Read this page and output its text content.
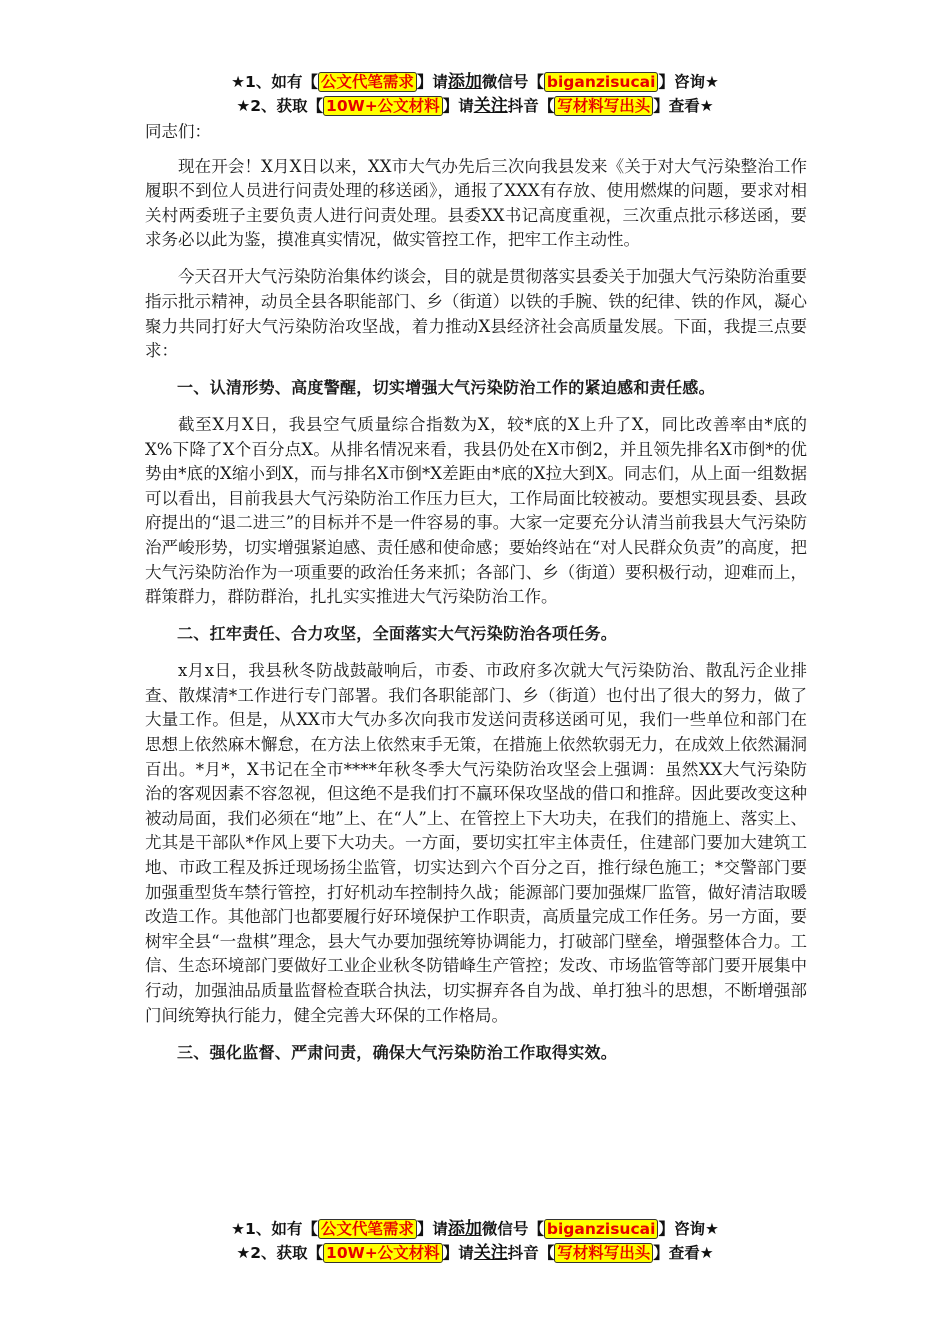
★1、如有【 公文代笔需求 】请添加微信号【 biganzisucai 】咨询★
★2、获取【 10W+公文材料 】请关注抖音【 写材料写出头 】查看★

同志们：

现在开会！X月X日以来，XX市大气办先后三次向我县发来《关于对大气污染整治工作履职不到位人员进行问责处理的移送函》，通报了XXX有存放、使用燃煤的问题，要求对相关村两委班子主要负责人进行问责处理。县委XX书记高度重视，三次重点批示移送函，要求务必以此为鉴，摸准真实情况，做实管控工作，把牢工作主动性。

今天召开大气污染防治集体约谈会，目的就是贯彻落实县委关于加强大气污染防治重要指示批示精神，动员全县各职能部门、乡（街道）以铁的手腕、铁的纪律、铁的作风，凝心聚力共同打好大气污染防治攻坚战，着力推动X县经济社会高质量发展。下面，我提三点要求：

一、认清形势、高度警醒，切实增强大气污染防治工作的紧迫感和责任感。

截至X月X日，我县空气质量综合指数为X，较*底的X上升了X，同比改善率由*底的X%下降了X个百分点X。从排名情况来看，我县仍处在X市倒2，并且领先排名X市倒*的优势由*底的X缩小到X，而与排名X市倒*X差距由*底的X拉大到X。同志们，从上面一组数据可以看出，目前我县大气污染防治工作压力巨大，工作局面比较被动。要想实现县委、县政府提出的“退二进三”的目标并不是一件容易的事。大家一定要充分认清当前我县大气污染防治严峻形势，切实增强紧迫感、责任感和使命感；要始终站在“对人民群众负责”的高度，把大气污染防治作为一项重要的政治任务来抓；各部门、乡（街道）要积极行动，迎难而上，群策群力，群防群治，扎扎实实推进大气污染防治工作。

二、扛牢责任、合力攻坚，全面落实大气污染防治各项任务。

x月x日，我县秋冬防战鼓敲响后，市委、市政府多次就大气污染防治、散乱污企业排查、散煤清*工作进行专门部署。我们各职能部门、乡（街道）也付出了很大的努力，做了大量工作。但是，从XX市大气办多次向我市发送问责移送函可见，我们一些单位和部门在思想上依然麻木懈怠，在方法上依然束手无策，在措施上依然软弱无力，在成效上依然漏洞百出。*月*，X书记在全市****年秋冬季大气污染防治攻坚会上强调：虽然XX大气污染防治的客观因素不容忽视，但这绝不是我们打不赢环保攻坚战的借口和推辞。因此要改变这种被动局面，我们必须在“地”上、在“人”上、在管控上下大功夫，在我们的措施上、落实上、尤其是干部队*作风上要下大功夫。一方面，要切实扛牢主体责任，住建部门要加大建筑工地、市政工程及拆迁现场扬尘监管，切实达到六个百分之百，推行绿色施工；*交警部门要加强重型货车禁行管控，打好机动车控制持久战；能源部门要加强煤厂监管，做好清洁取暖改造工作。其他部门也都要履行好环境保护工作职责，高质量完成工作任务。另一方面，要树牢全县“一盘棋”理念，县大气办要加强统筹协调能力，打破部门壁垒，增强整体合力。工信、生态环境部门要做好工业企业秋冬防错峰生产管控；发改、市场监管等部门要开展集中行动，加强油品质量监督检查联合执法，切实摒弃各自为战、单打独斗的思想，不断增强部门间统筹执行能力，健全完善大环保的工作格局。

三、强化监督、严肃问责，确保大气污染防治工作取得实效。

★1、如有【 公文代笔需求 】请添加微信号【 biganzisucai 】咨询★
★2、获取【 10W+公文材料 】请关注抖音【 写材料写出头 】查看★
